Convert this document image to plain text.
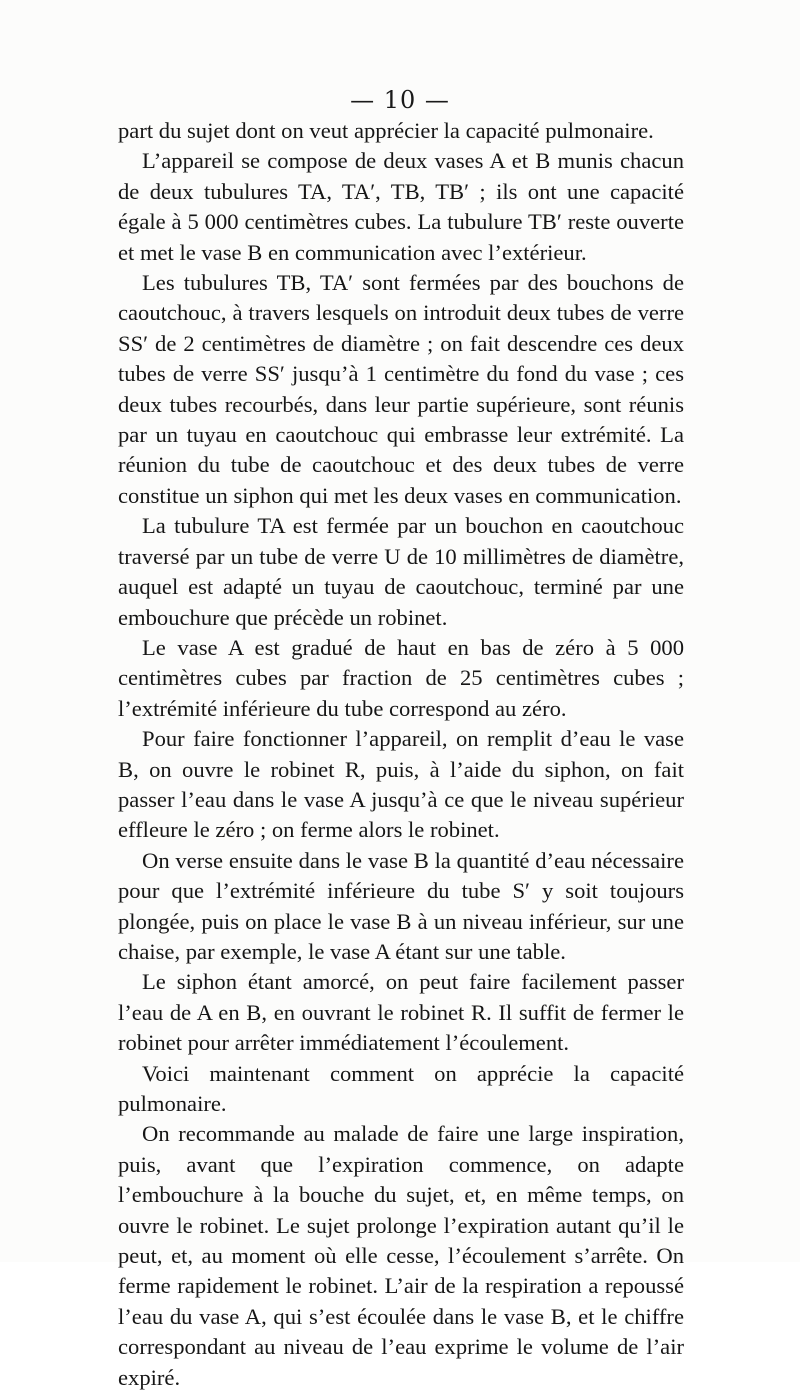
— 10 —

part du sujet dont on veut apprécier la capacité pulmonaire.

L’appareil se compose de deux vases A et B munis chacun de deux tubulures TA, TA′, TB, TB′ ; ils ont une capacité égale à 5 000 centimètres cubes. La tubulure TB′ reste ouverte et met le vase B en communication avec l’extérieur.

Les tubulures TB, TA′ sont fermées par des bouchons de caoutchouc, à travers lesquels on introduit deux tubes de verre SS′ de 2 centimètres de diamètre ; on fait descendre ces deux tubes de verre SS′ jusqu’à 1 centimètre du fond du vase ; ces deux tubes recourbés, dans leur partie supérieure, sont réunis par un tuyau en caoutchouc qui embrasse leur extrémité. La réunion du tube de caoutchouc et des deux tubes de verre constitue un siphon qui met les deux vases en communication.

La tubulure TA est fermée par un bouchon en caoutchouc traversé par un tube de verre U de 10 millimètres de diamètre, auquel est adapté un tuyau de caoutchouc, terminé par une embouchure que précède un robinet.

Le vase A est gradué de haut en bas de zéro à 5 000 centimètres cubes par fraction de 25 centimètres cubes ; l’extrémité inférieure du tube correspond au zéro.

Pour faire fonctionner l’appareil, on remplit d’eau le vase B, on ouvre le robinet R, puis, à l’aide du siphon, on fait passer l’eau dans le vase A jusqu’à ce que le niveau supérieur effleure le zéro ; on ferme alors le robinet.

On verse ensuite dans le vase B la quantité d’eau nécessaire pour que l’extrémité inférieure du tube S′ y soit toujours plongée, puis on place le vase B à un niveau inférieur, sur une chaise, par exemple, le vase A étant sur une table.

Le siphon étant amorcé, on peut faire facilement passer l’eau de A en B, en ouvrant le robinet R. Il suffit de fermer le robinet pour arrêter immédiatement l’écoulement.

Voici maintenant comment on apprécie la capacité pulmonaire.

On recommande au malade de faire une large inspiration, puis, avant que l’expiration commence, on adapte l’embouchure à la bouche du sujet, et, en même temps, on ouvre le robinet. Le sujet prolonge l’expiration autant qu’il le peut, et, au moment où elle cesse, l’écoulement s’arrête. On ferme rapidement le robinet. L’air de la respiration a repoussé l’eau du vase A, qui s’est écoulée dans le vase B, et le chiffre correspondant au niveau de l’eau exprime le volume de l’air expiré.
